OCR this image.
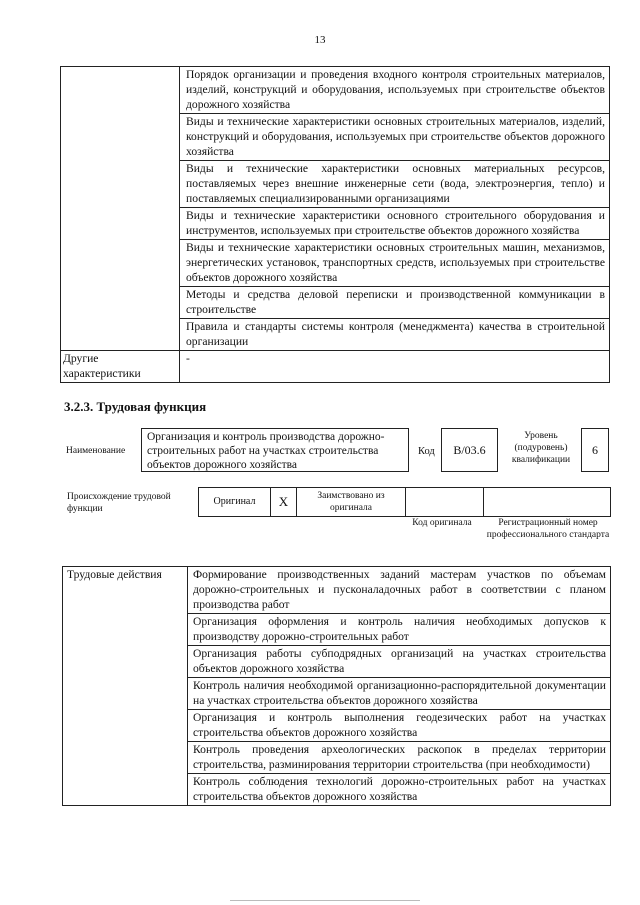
13
	Порядок организации и проведения входного контроля строительных материалов, изделий, конструкций и оборудования, используемых при строительстве объектов дорожного хозяйства
	Виды и технические характеристики основных строительных материалов, изделий, конструкций и оборудования, используемых при строительстве объектов дорожного хозяйства
	Виды и технические характеристики основных материальных ресурсов, поставляемых через внешние инженерные сети (вода, электроэнергия, тепло) и поставляемых специализированными организациями
	Виды и технические характеристики основного строительного оборудования и инструментов, используемых при строительстве объектов дорожного хозяйства
	Виды и технические характеристики основных строительных машин, механизмов, энергетических установок, транспортных средств, используемых при строительстве объектов дорожного хозяйства
	Методы и средства деловой переписки и производственной коммуникации в строительстве
	Правила и стандарты системы контроля (менеджмента) качества в строительной организации
Другие характеристики	-
3.2.3. Трудовая функция
Наименование
Организация и контроль производства дорожно-строительных работ на участках строительства объектов дорожного хозяйства
Код	В/03.6
Уровень (подуровень) квалификации
6
Происхождение трудовой функции
Оригинал	X	Заимствовано из оригинала
Код оригинала	Регистрационный номер профессионального стандарта
Трудовые действия	Формирование производственных заданий мастерам участков по объемам дорожно-строительных и пусконаладочных работ в соответствии с планом производства работ
Организация оформления и контроль наличия необходимых допусков к производству дорожно-строительных работ
Организация работы субподрядных организаций на участках строительства объектов дорожного хозяйства
Контроль наличия необходимой организационно-распорядительной документации на участках строительства объектов дорожного хозяйства
Организация и контроль выполнения геодезических работ на участках строительства объектов дорожного хозяйства
Контроль проведения археологических раскопок в пределах территории строительства, разминирования территории строительства (при необходимости)
Контроль соблюдения технологий дорожно-строительных работ на участках строительства объектов дорожного хозяйства
